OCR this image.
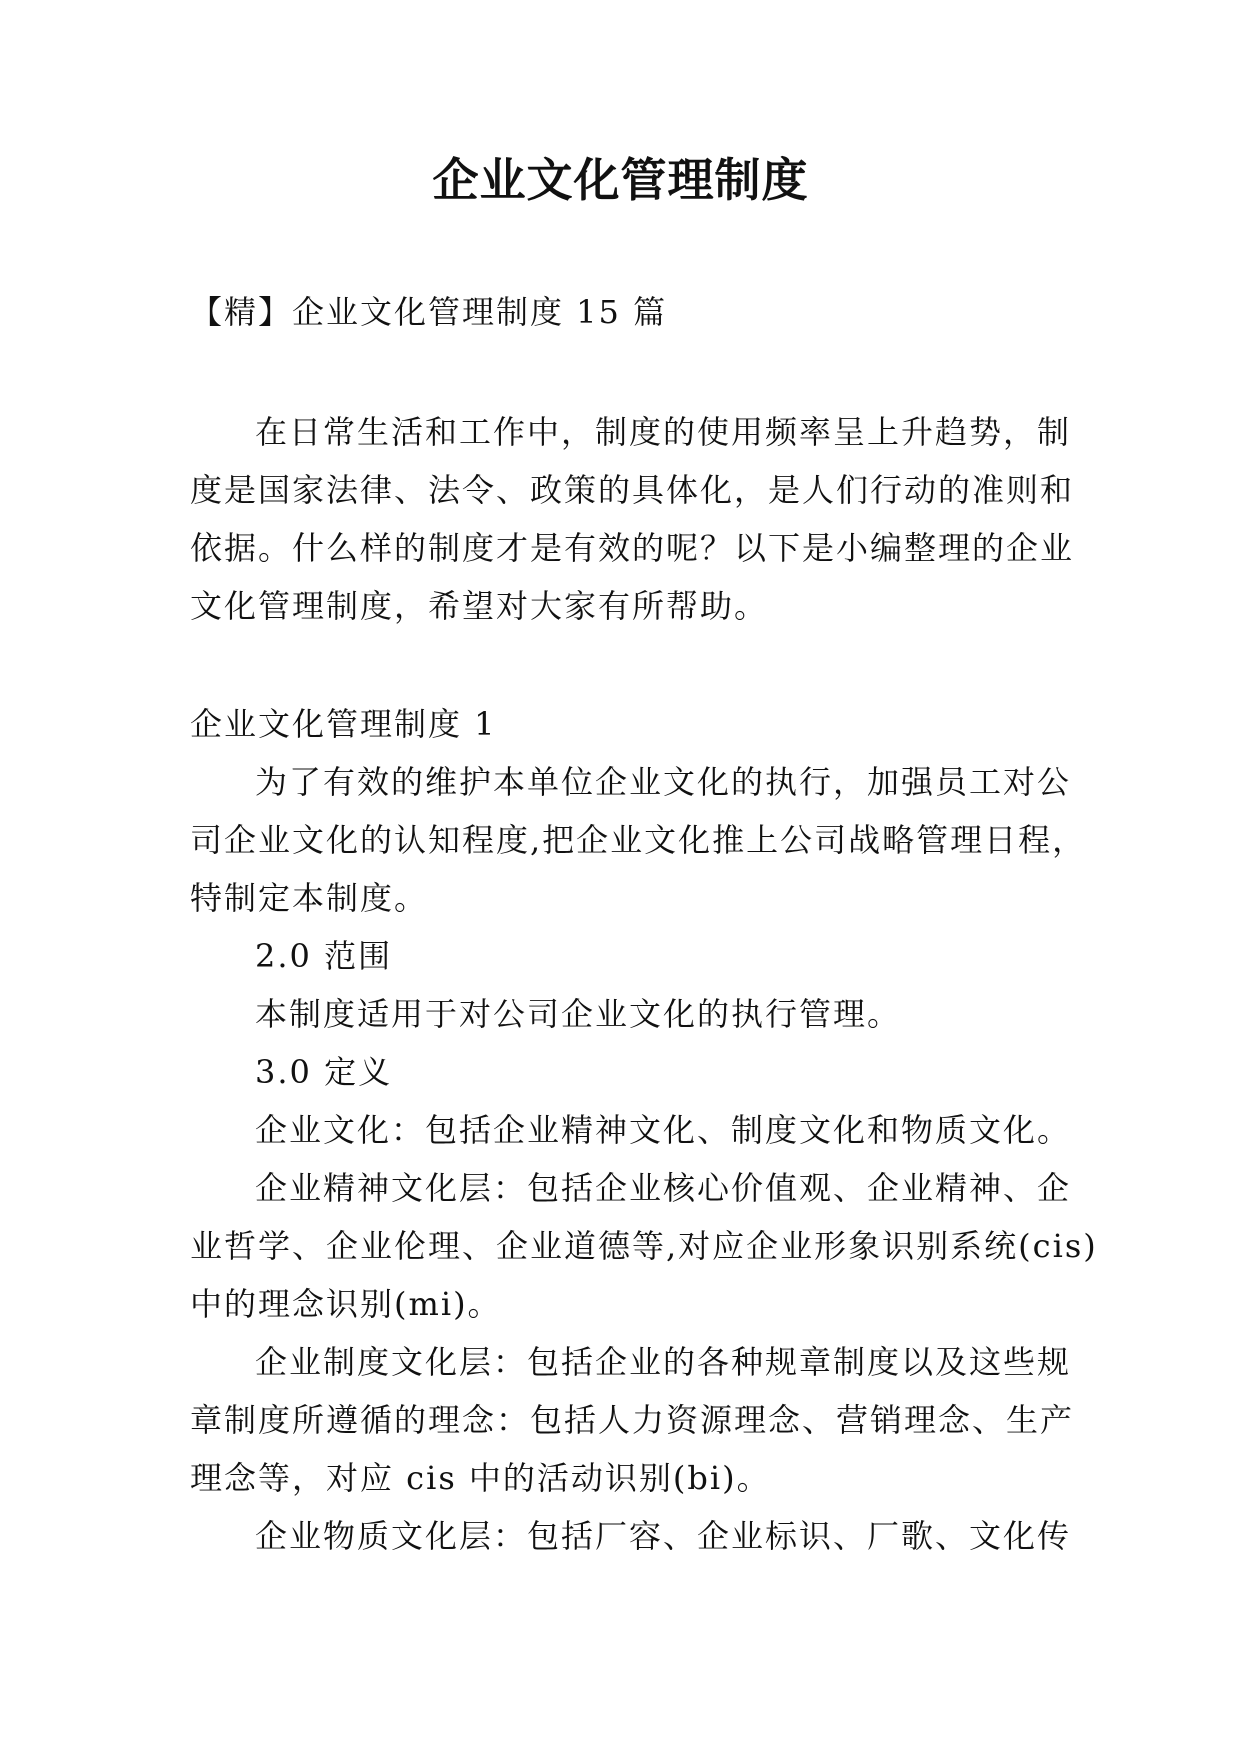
企业文化管理制度
【精】企业文化管理制度 15 篇
在日常生活和工作中，制度的使用频率呈上升趋势，制
度是国家法律、法令、政策的具体化，是人们行动的准则和
依据。什么样的制度才是有效的呢？以下是小编整理的企业
文化管理制度，希望对大家有所帮助。
企业文化管理制度 1
为了有效的维护本单位企业文化的执行，加强员工对公
司企业文化的认知程度,把企业文化推上公司战略管理日程，
特制定本制度。
2.0 范围
本制度适用于对公司企业文化的执行管理。
3.0 定义
企业文化：包括企业精神文化、制度文化和物质文化。
企业精神文化层：包括企业核心价值观、企业精神、企
业哲学、企业伦理、企业道德等,对应企业形象识别系统(cis)
中的理念识别(mi)。
企业制度文化层：包括企业的各种规章制度以及这些规
章制度所遵循的理念：包括人力资源理念、营销理念、生产
理念等，对应 cis 中的活动识别(bi)。
企业物质文化层：包括厂容、企业标识、厂歌、文化传
